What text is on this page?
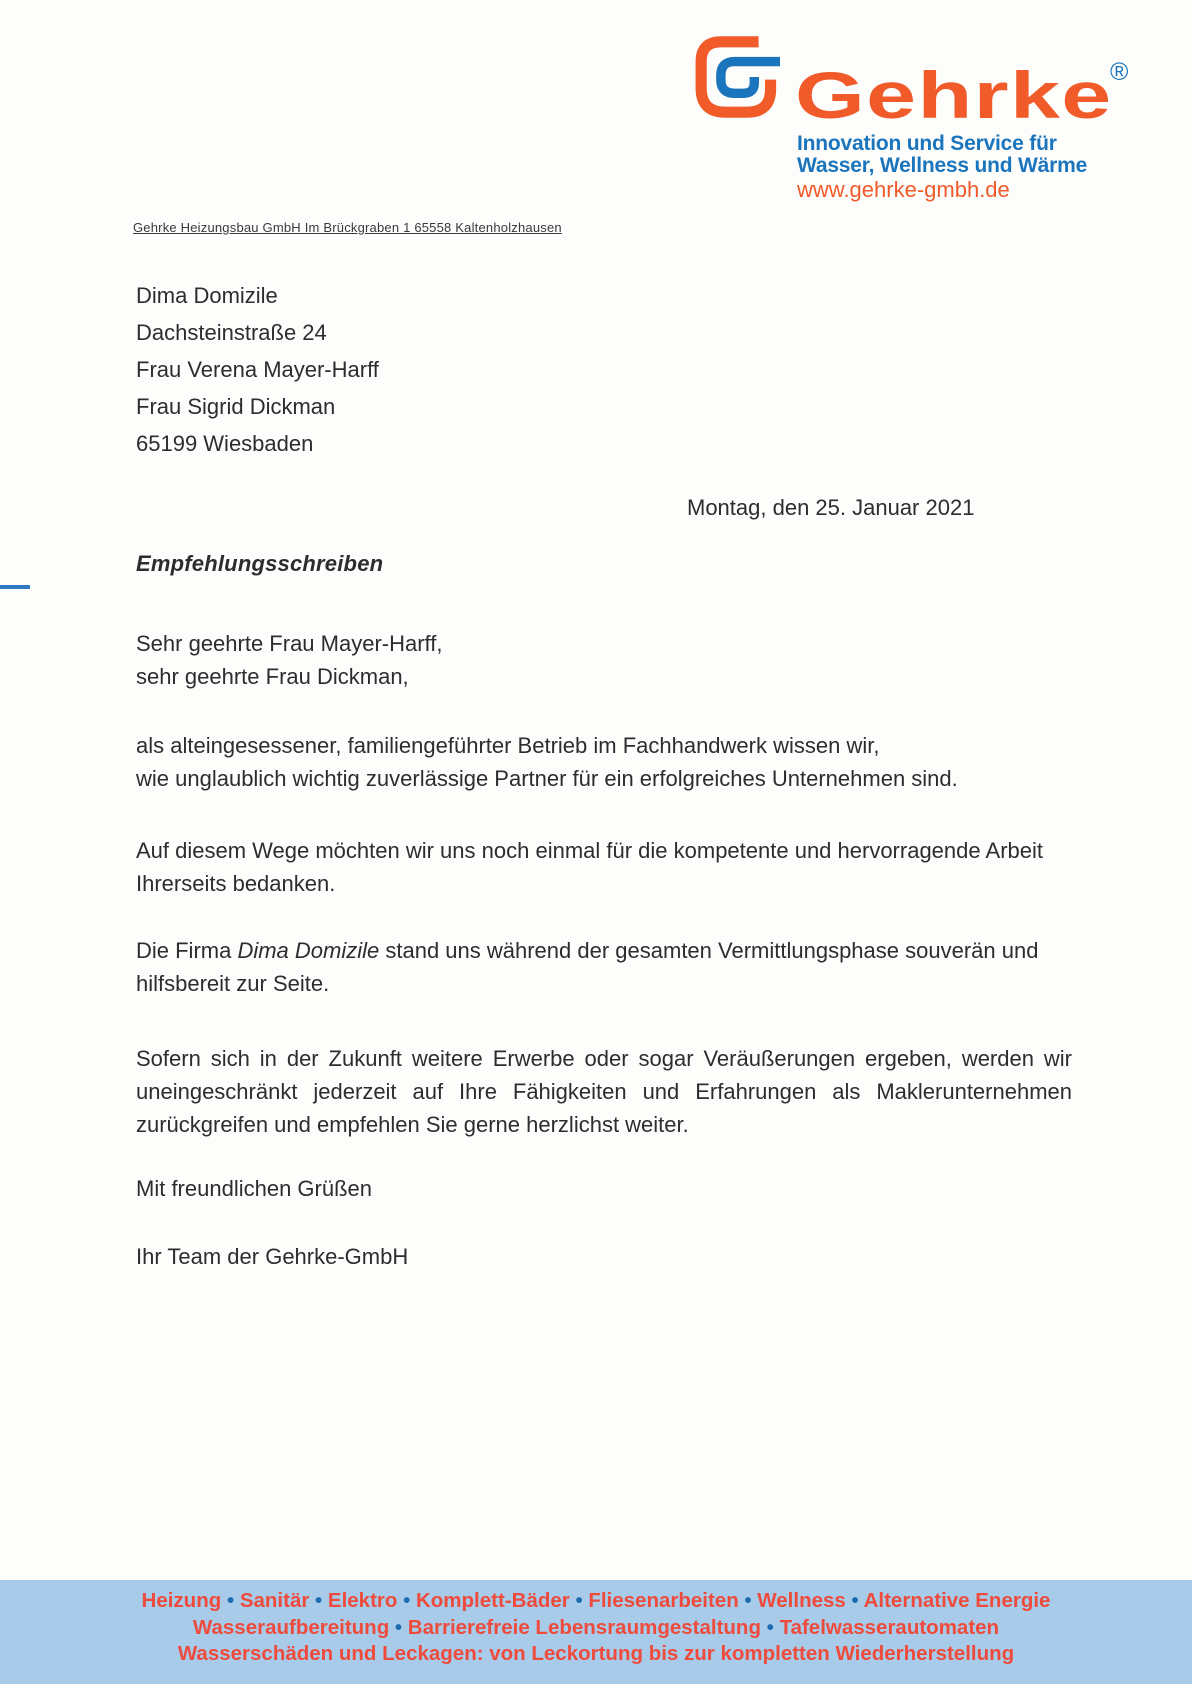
Gehrke
®
Innovation und Service für
Wasser, Wellness und Wärme
www.gehrke-gmbh.de
Gehrke Heizungsbau GmbH Im Brückgraben 1 65558 Kaltenholzhausen
Dima Domizile
Dachsteinstraße 24
Frau Verena Mayer-Harff
Frau Sigrid Dickman
65199 Wiesbaden
Montag, den 25. Januar 2021
Empfehlungsschreiben
Sehr geehrte Frau Mayer-Harff,
sehr geehrte Frau Dickman,
als alteingesessener, familiengeführter Betrieb im Fachhandwerk wissen wir,
wie unglaublich wichtig zuverlässige Partner für ein erfolgreiches Unternehmen sind.
Auf diesem Wege möchten wir uns noch einmal für die kompetente und hervorragende Arbeit
Ihrerseits bedanken.
Die Firma Dima Domizile stand uns während der gesamten Vermittlungsphase souverän und
hilfsbereit zur Seite.
Sofern sich in der Zukunft weitere Erwerbe oder sogar Veräußerungen ergeben, werden wir
uneingeschränkt jederzeit auf Ihre Fähigkeiten und Erfahrungen als Maklerunternehmen
zurückgreifen und empfehlen Sie gerne herzlichst weiter.
Mit freundlichen Grüßen
Ihr Team der Gehrke-GmbH
Heizung • Sanitär • Elektro • Komplett-Bäder • Fliesenarbeiten • Wellness • Alternative Energie
Wasseraufbereitung • Barrierefreie Lebensraumgestaltung • Tafelwasserautomaten
Wasserschäden und Leckagen: von Leckortung bis zur kompletten Wiederherstellung
